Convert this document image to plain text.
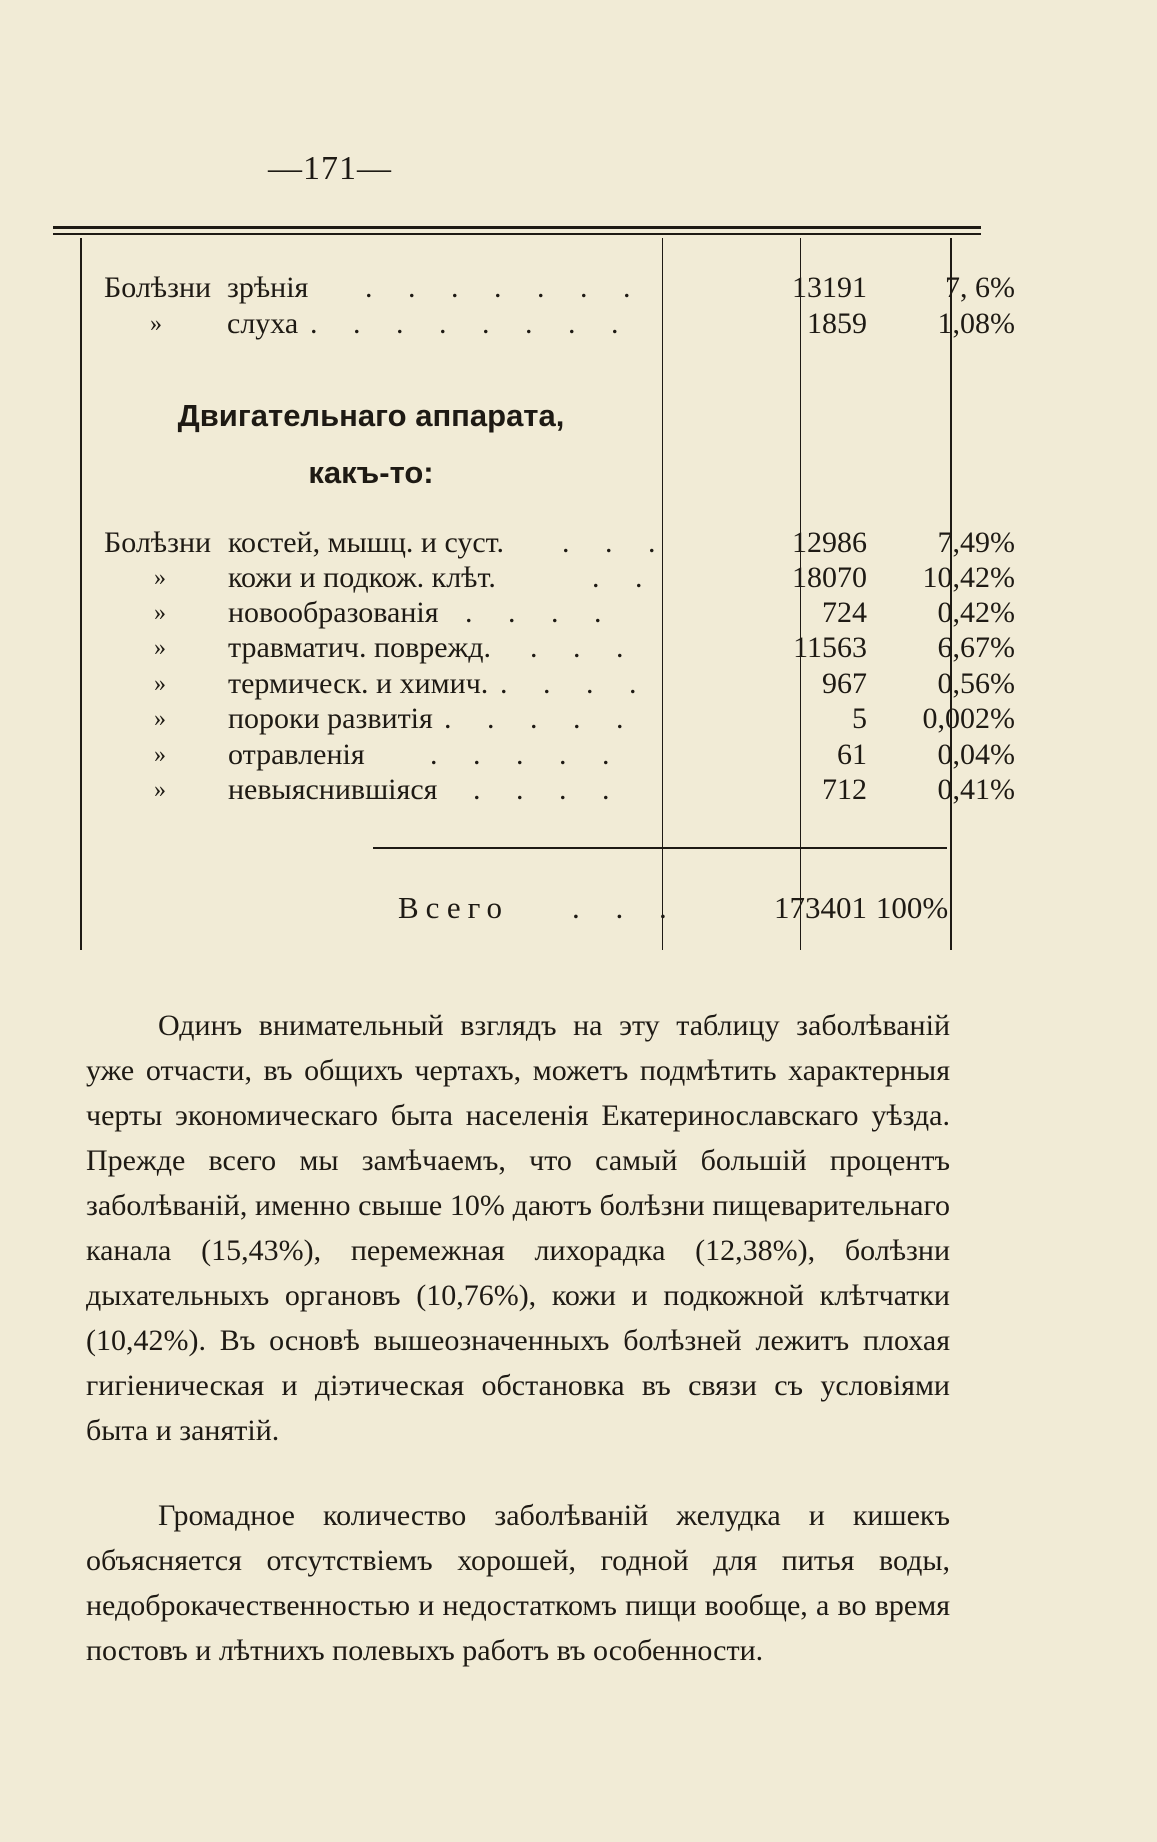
—171—
Болѣзни зрѣнія . . . . . . .	13191	7, 6%
» слуха . . . . . . . .	1859	1,08%
Двигательнаго аппарата,
какъ-то:
Болѣзни костей, мышц. и суст. . . .	12986	7,49%
» кожи и подкож. клѣт.	. .	18070	10,42%
» новообразованія . . . .	724	0,42%
» травматич. поврежд. . . .	11563	6,67%
» термическ. и химич. . . . .	967	0,56%
» пороки развитія . . . . .	5	0,002%
» отравленія . . . . .	61	0,04%
» невыяснившіяся . . . .	712	0,41%
Всего . . .	173401 100%

Одинъ внимательный взглядъ на эту таблицу заболѣваній уже отчасти, въ общихъ чертахъ, можетъ подмѣтить характерныя черты экономическаго быта населенія Екатеринославскаго уѣзда. Прежде всего мы замѣчаемъ, что самый большій процентъ заболѣваній, именно свыше 10% даютъ болѣзни пищеварительнаго канала (15,43%), перемежная лихорадка (12,38%), болѣзни дыхательныхъ органовъ (10,76%), кожи и подкожной клѣтчатки (10,42%). Въ основѣ вышеозначенныхъ болѣзней лежитъ плохая гигіеническая и діэтическая обстановка въ связи съ условіями быта и занятій.

Громадное количество заболѣваній желудка и кишекъ объясняется отсутствіемъ хорошей, годной для питья воды, недоброкачественностью и недостаткомъ пищи вообще, а во время постовъ и лѣтнихъ полевыхъ работъ въ особенности.
